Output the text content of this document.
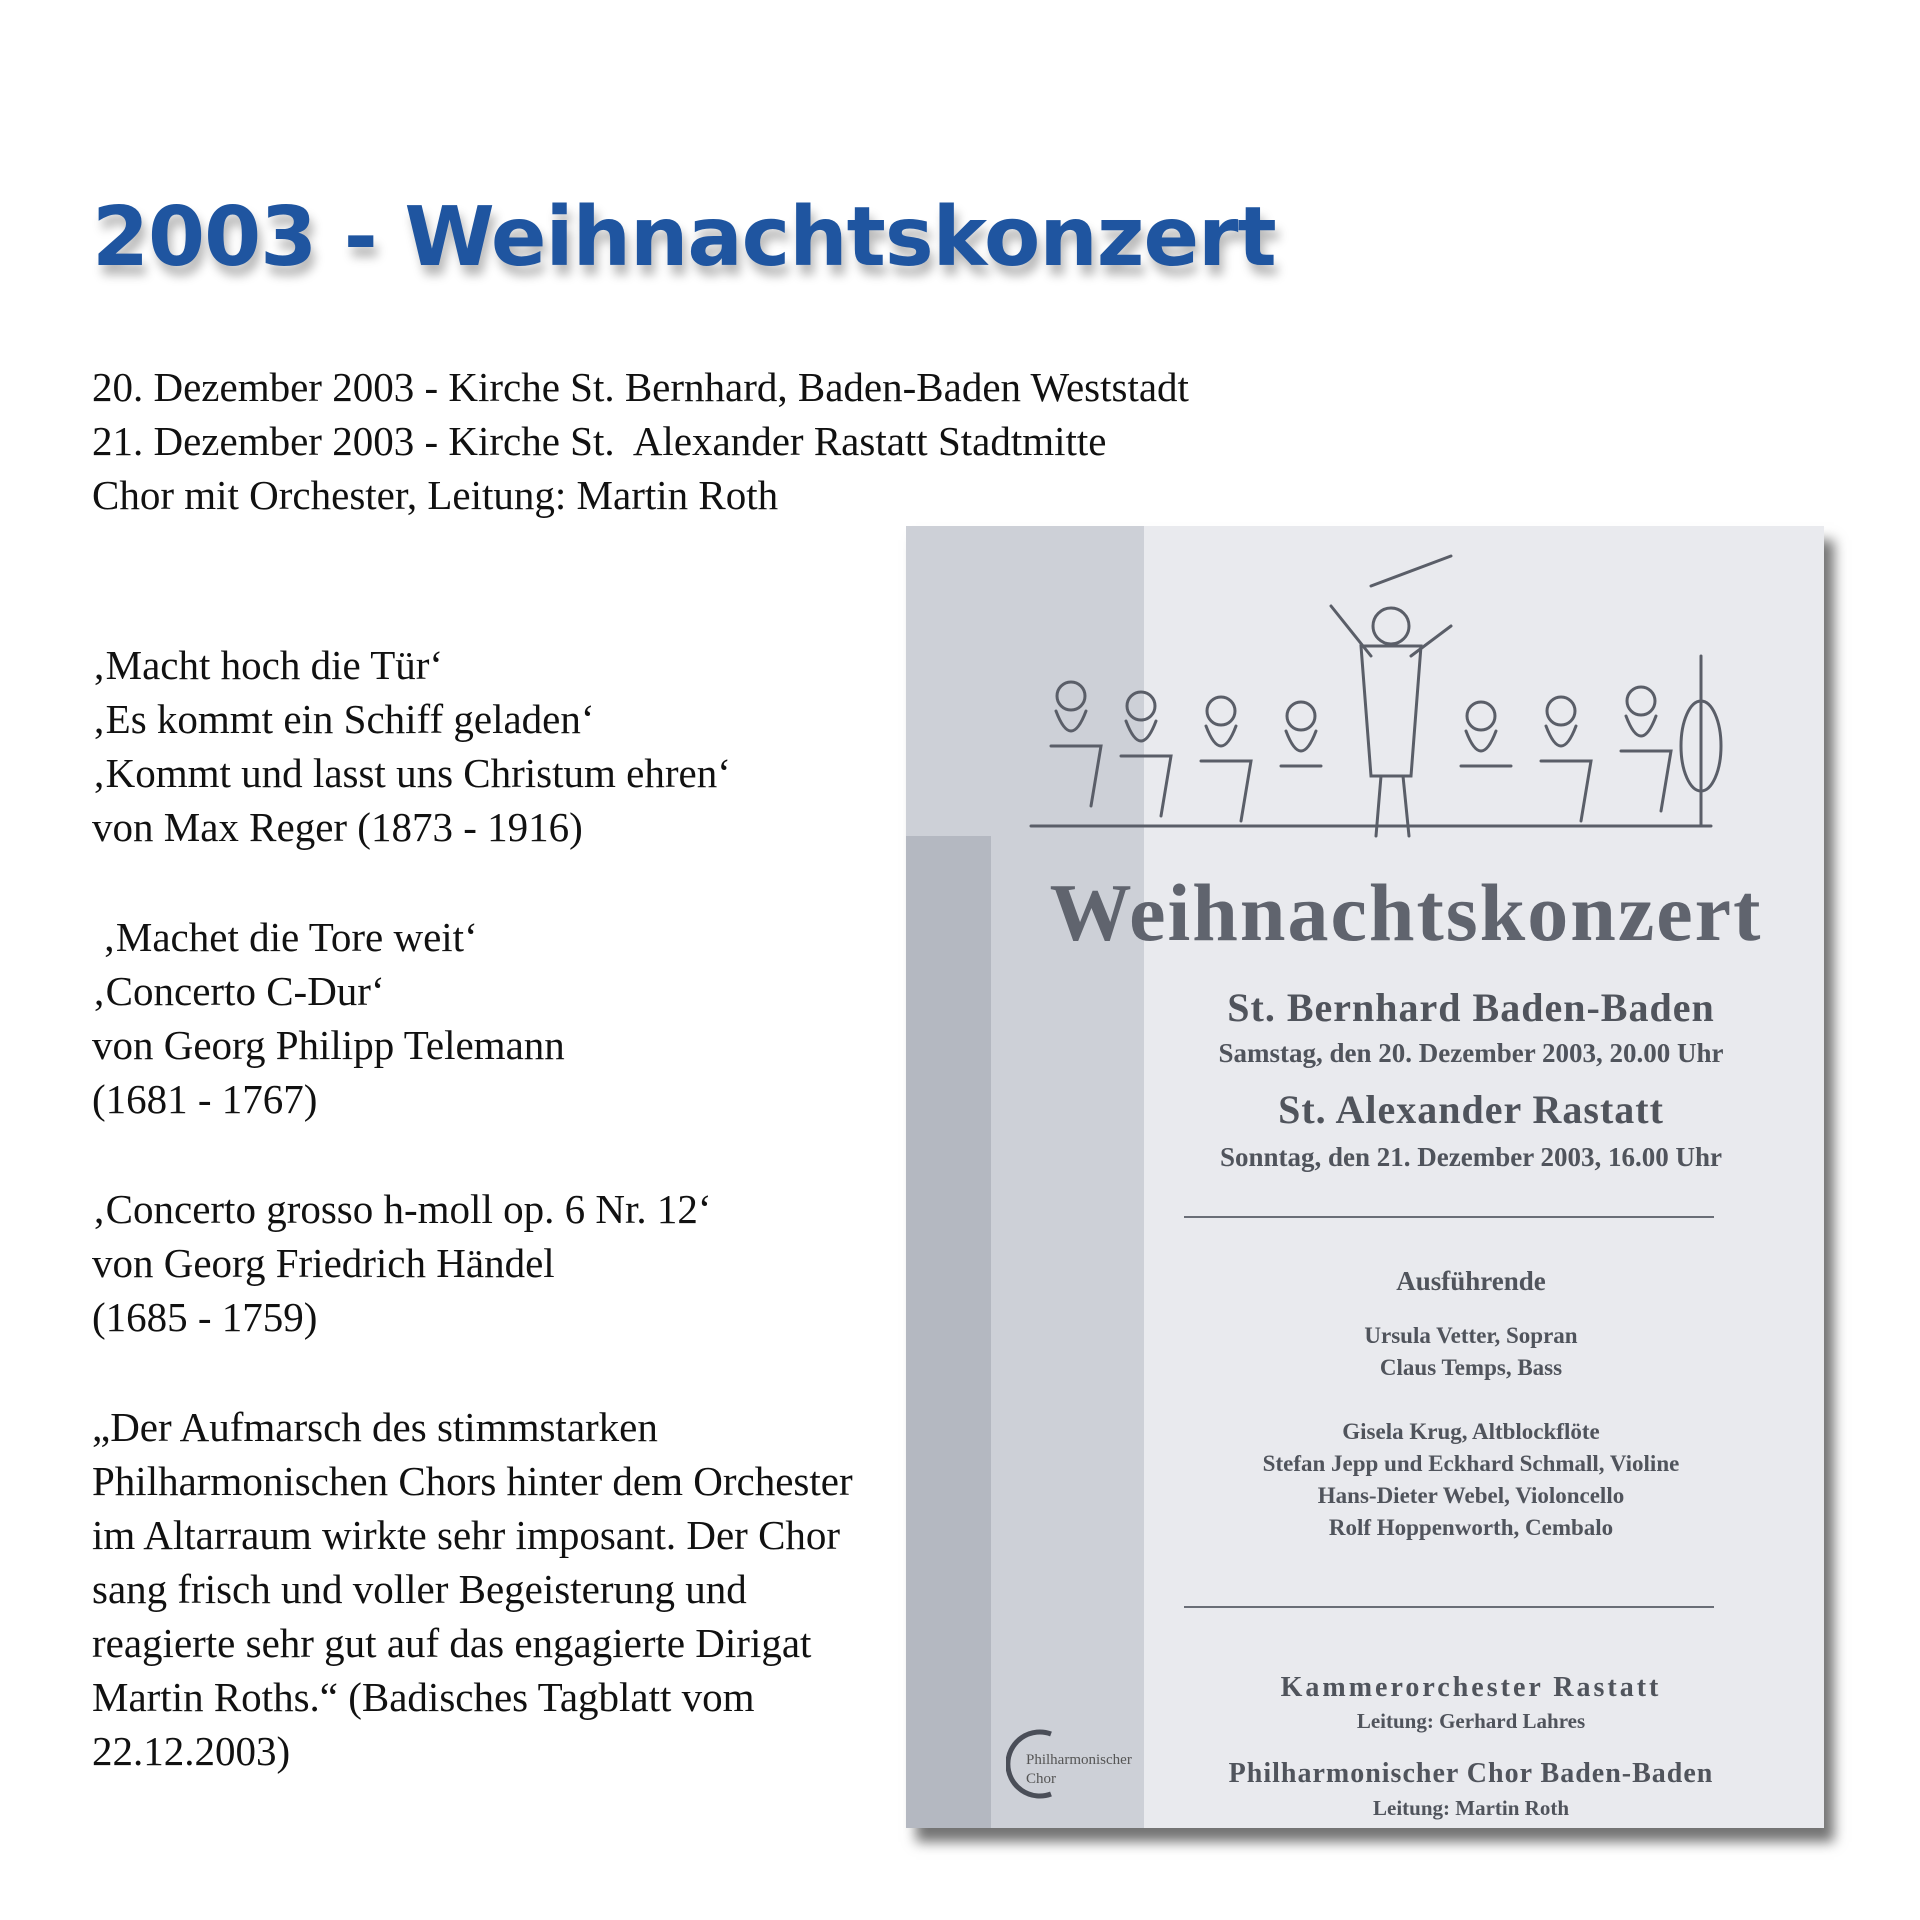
2003 - Weihnachtskonzert
20. Dezember 2003 - Kirche St. Bernhard, Baden-Baden Weststadt
21. Dezember 2003 - Kirche St.  Alexander Rastatt Stadtmitte
Chor mit Orchester, Leitung: Martin Roth
‚Macht hoch die Tür‘
‚Es kommt ein Schiff geladen‘
‚Kommt und lasst uns Christum ehren‘
von Max Reger (1873 - 1916)
‚Machet die Tore weit‘
‚Concerto C-Dur‘
von Georg Philipp Telemann
(1681 - 1767)
‚Concerto grosso h-moll op. 6 Nr. 12‘
von Georg Friedrich Händel
(1685 - 1759)
„Der Aufmarsch des stimmstarken Philharmonischen Chors hinter dem Orchester im Altarraum wirkte sehr imposant. Der Chor sang frisch und voller Begeisterung und reagierte sehr gut auf das engagierte Dirigat Martin Roths.“ (Badisches Tagblatt vom 22.12.2003)
Weihnachtskonzert
St. Bernhard Baden-Baden
Samstag, den 20. Dezember 2003, 20.00 Uhr
St. Alexander Rastatt
Sonntag, den 21. Dezember 2003, 16.00 Uhr
Ausführende
Ursula Vetter, Sopran
Claus Temps, Bass
Gisela Krug, Altblockflöte
Stefan Jepp und Eckhard Schmall, Violine
Hans-Dieter Webel, Violoncello
Rolf Hoppenworth, Cembalo
Kammerorchester Rastatt
Leitung: Gerhard Lahres
Philharmonischer Chor Baden-Baden
Leitung: Martin Roth
Philharmonischer
Chor
